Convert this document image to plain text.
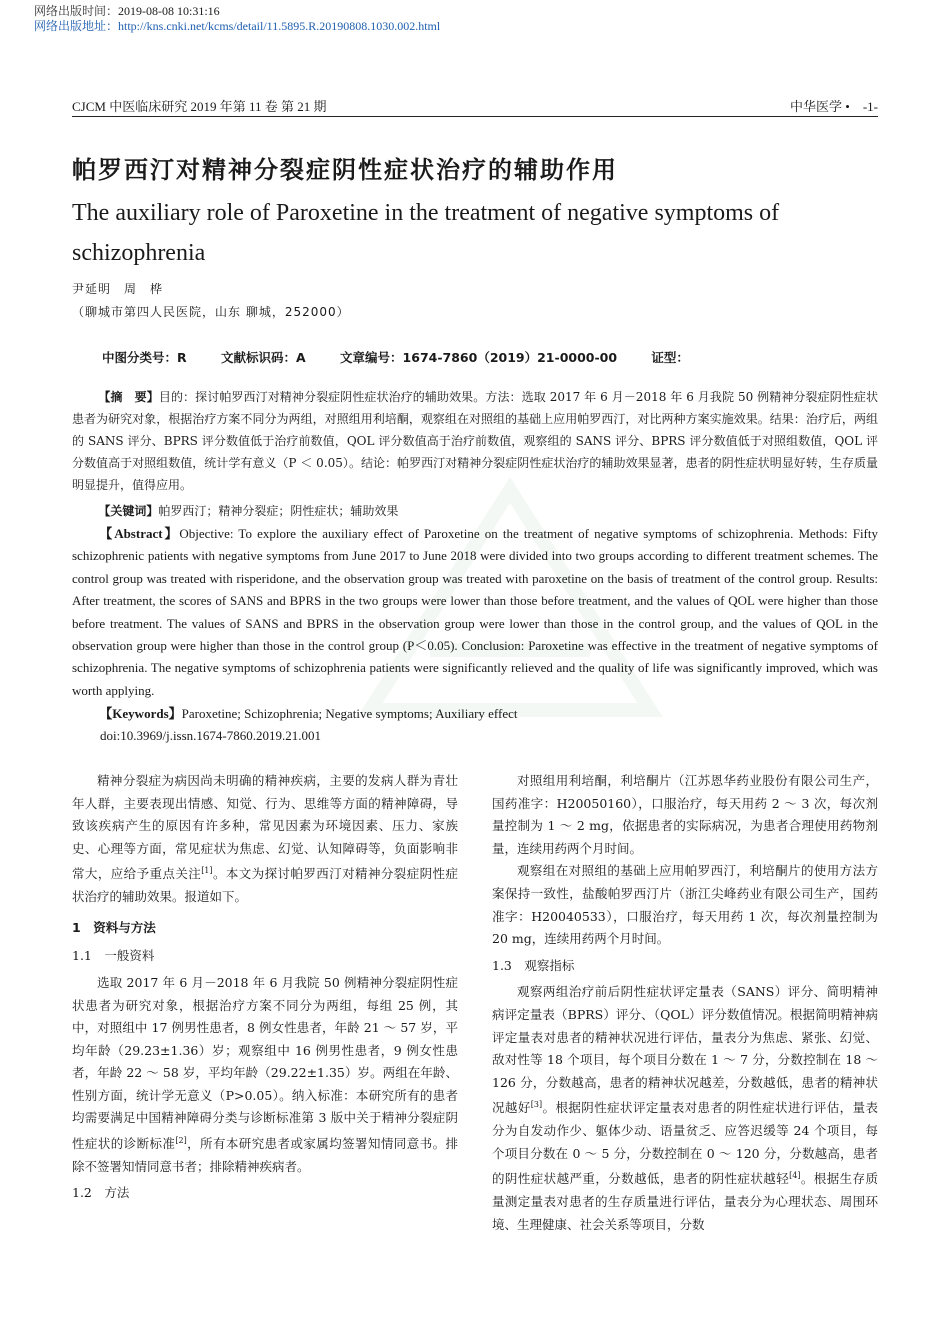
网络出版时间：2019-08-08 10:31:16
网络出版地址：http://kns.cnki.net/kcms/detail/11.5895.R.20190808.1030.002.html
CJCM 中医临床研究 2019 年第 11 卷 第 21 期	中华医学 •　-1-
帕罗西汀对精神分裂症阴性症状治疗的辅助作用
The auxiliary role of Paroxetine in the treatment of negative symptoms of schizophrenia
尹延明　周　桦
（聊城市第四人民医院，山东 聊城，252000）
中图分类号：R	文献标识码：A	文章编号：1674-7860（2019）21-0000-00	证型：
【摘　要】目的：探讨帕罗西汀对精神分裂症阴性症状治疗的辅助效果。方法：选取 2017 年 6 月－2018 年 6 月我院 50 例精神分裂症阴性症状患者为研究对象，根据治疗方案不同分为两组，对照组用利培酮，观察组在对照组的基础上应用帕罗西汀，对比两种方案实施效果。结果：治疗后，两组的 SANS 评分、BPRS 评分数值低于治疗前数值，QOL 评分数值高于治疗前数值，观察组的 SANS 评分、BPRS 评分数值低于对照组数值，QOL 评分数值高于对照组数值，统计学有意义（P ＜ 0.05）。结论：帕罗西汀对精神分裂症阴性症状治疗的辅助效果显著，患者的阴性症状明显好转，生存质量明显提升，值得应用。
【关键词】帕罗西汀；精神分裂症；阴性症状；辅助效果
【Abstract】Objective: To explore the auxiliary effect of Paroxetine on the treatment of negative symptoms of schizophrenia. Methods: Fifty schizophrenic patients with negative symptoms from June 2017 to June 2018 were divided into two groups according to different treatment schemes. The control group was treated with risperidone, and the observation group was treated with paroxetine on the basis of treatment of the control group. Results: After treatment, the scores of SANS and BPRS in the two groups were lower than those before treatment, and the values of QOL were higher than those before treatment. The values of SANS and BPRS in the observation group were lower than those in the control group, and the values of QOL in the observation group were higher than those in the control group (P＜0.05). Conclusion: Paroxetine was effective in the treatment of negative symptoms of schizophrenia. The negative symptoms of schizophrenia patients were significantly relieved and the quality of life was significantly improved, which was worth applying.
【Keywords】Paroxetine; Schizophrenia; Negative symptoms; Auxiliary effect
doi:10.3969/j.issn.1674-7860.2019.21.001

精神分裂症为病因尚未明确的精神疾病，主要的发病人群为青壮年人群，主要表现出情感、知觉、行为、思维等方面的精神障碍，导致该疾病产生的原因有许多种，常见因素为环境因素、压力、家族史、心理等方面，常见症状为焦虑、幻觉、认知障碍等，负面影响非常大，应给予重点关注[1]。本文为探讨帕罗西汀对精神分裂症阴性症状治疗的辅助效果。报道如下。

1　资料与方法

1.1　一般资料

选取 2017 年 6 月－2018 年 6 月我院 50 例精神分裂症阴性症状患者为研究对象，根据治疗方案不同分为两组，每组 25 例，其中，对照组中 17 例男性患者，8 例女性患者，年龄 21 ～ 57 岁，平均年龄（29.23±1.36）岁；观察组中 16 例男性患者，9 例女性患者，年龄 22 ～ 58 岁，平均年龄（29.22±1.35）岁。两组在年龄、性别方面，统计学无意义（P>0.05）。纳入标准：本研究所有的患者均需要满足中国精神障碍分类与诊断标准第 3 版中关于精神分裂症阴性症状的诊断标准[2]，所有本研究患者或家属均签署知情同意书。排除不签署知情同意书者；排除精神疾病者。

1.2　方法

对照组用利培酮，利培酮片（江苏恩华药业股份有限公司生产，国药准字：H20050160），口服治疗，每天用药 2 ～ 3 次，每次剂量控制为 1 ～ 2 mg，依据患者的实际病况，为患者合理使用药物剂量，连续用药两个月时间。

观察组在对照组的基础上应用帕罗西汀，利培酮片的使用方法方案保持一致性，盐酸帕罗西汀片（浙江尖峰药业有限公司生产，国药准字：H20040533），口服治疗，每天用药 1 次，每次剂量控制为 20 mg，连续用药两个月时间。

1.3　观察指标

观察两组治疗前后阴性症状评定量表（SANS）评分、简明精神病评定量表（BPRS）评分、（QOL）评分数值情况。根据简明精神病评定量表对患者的精神状况进行评估，量表分为焦虑、紧张、幻觉、敌对性等 18 个项目，每个项目分数在 1 ～ 7 分，分数控制在 18 ～ 126 分，分数越高，患者的精神状况越差，分数越低，患者的精神状况越好[3]。根据阴性症状评定量表对患者的阴性症状进行评估，量表分为自发动作少、躯体少动、语量贫乏、应答迟缓等 24 个项目，每个项目分数在 0 ～ 5 分，分数控制在 0 ～ 120 分，分数越高，患者的阴性症状越严重，分数越低，患者的阴性症状越轻[4]。根据生存质量测定量表对患者的生存质量进行评估，量表分为心理状态、周围环境、生理健康、社会关系等项目，分数
